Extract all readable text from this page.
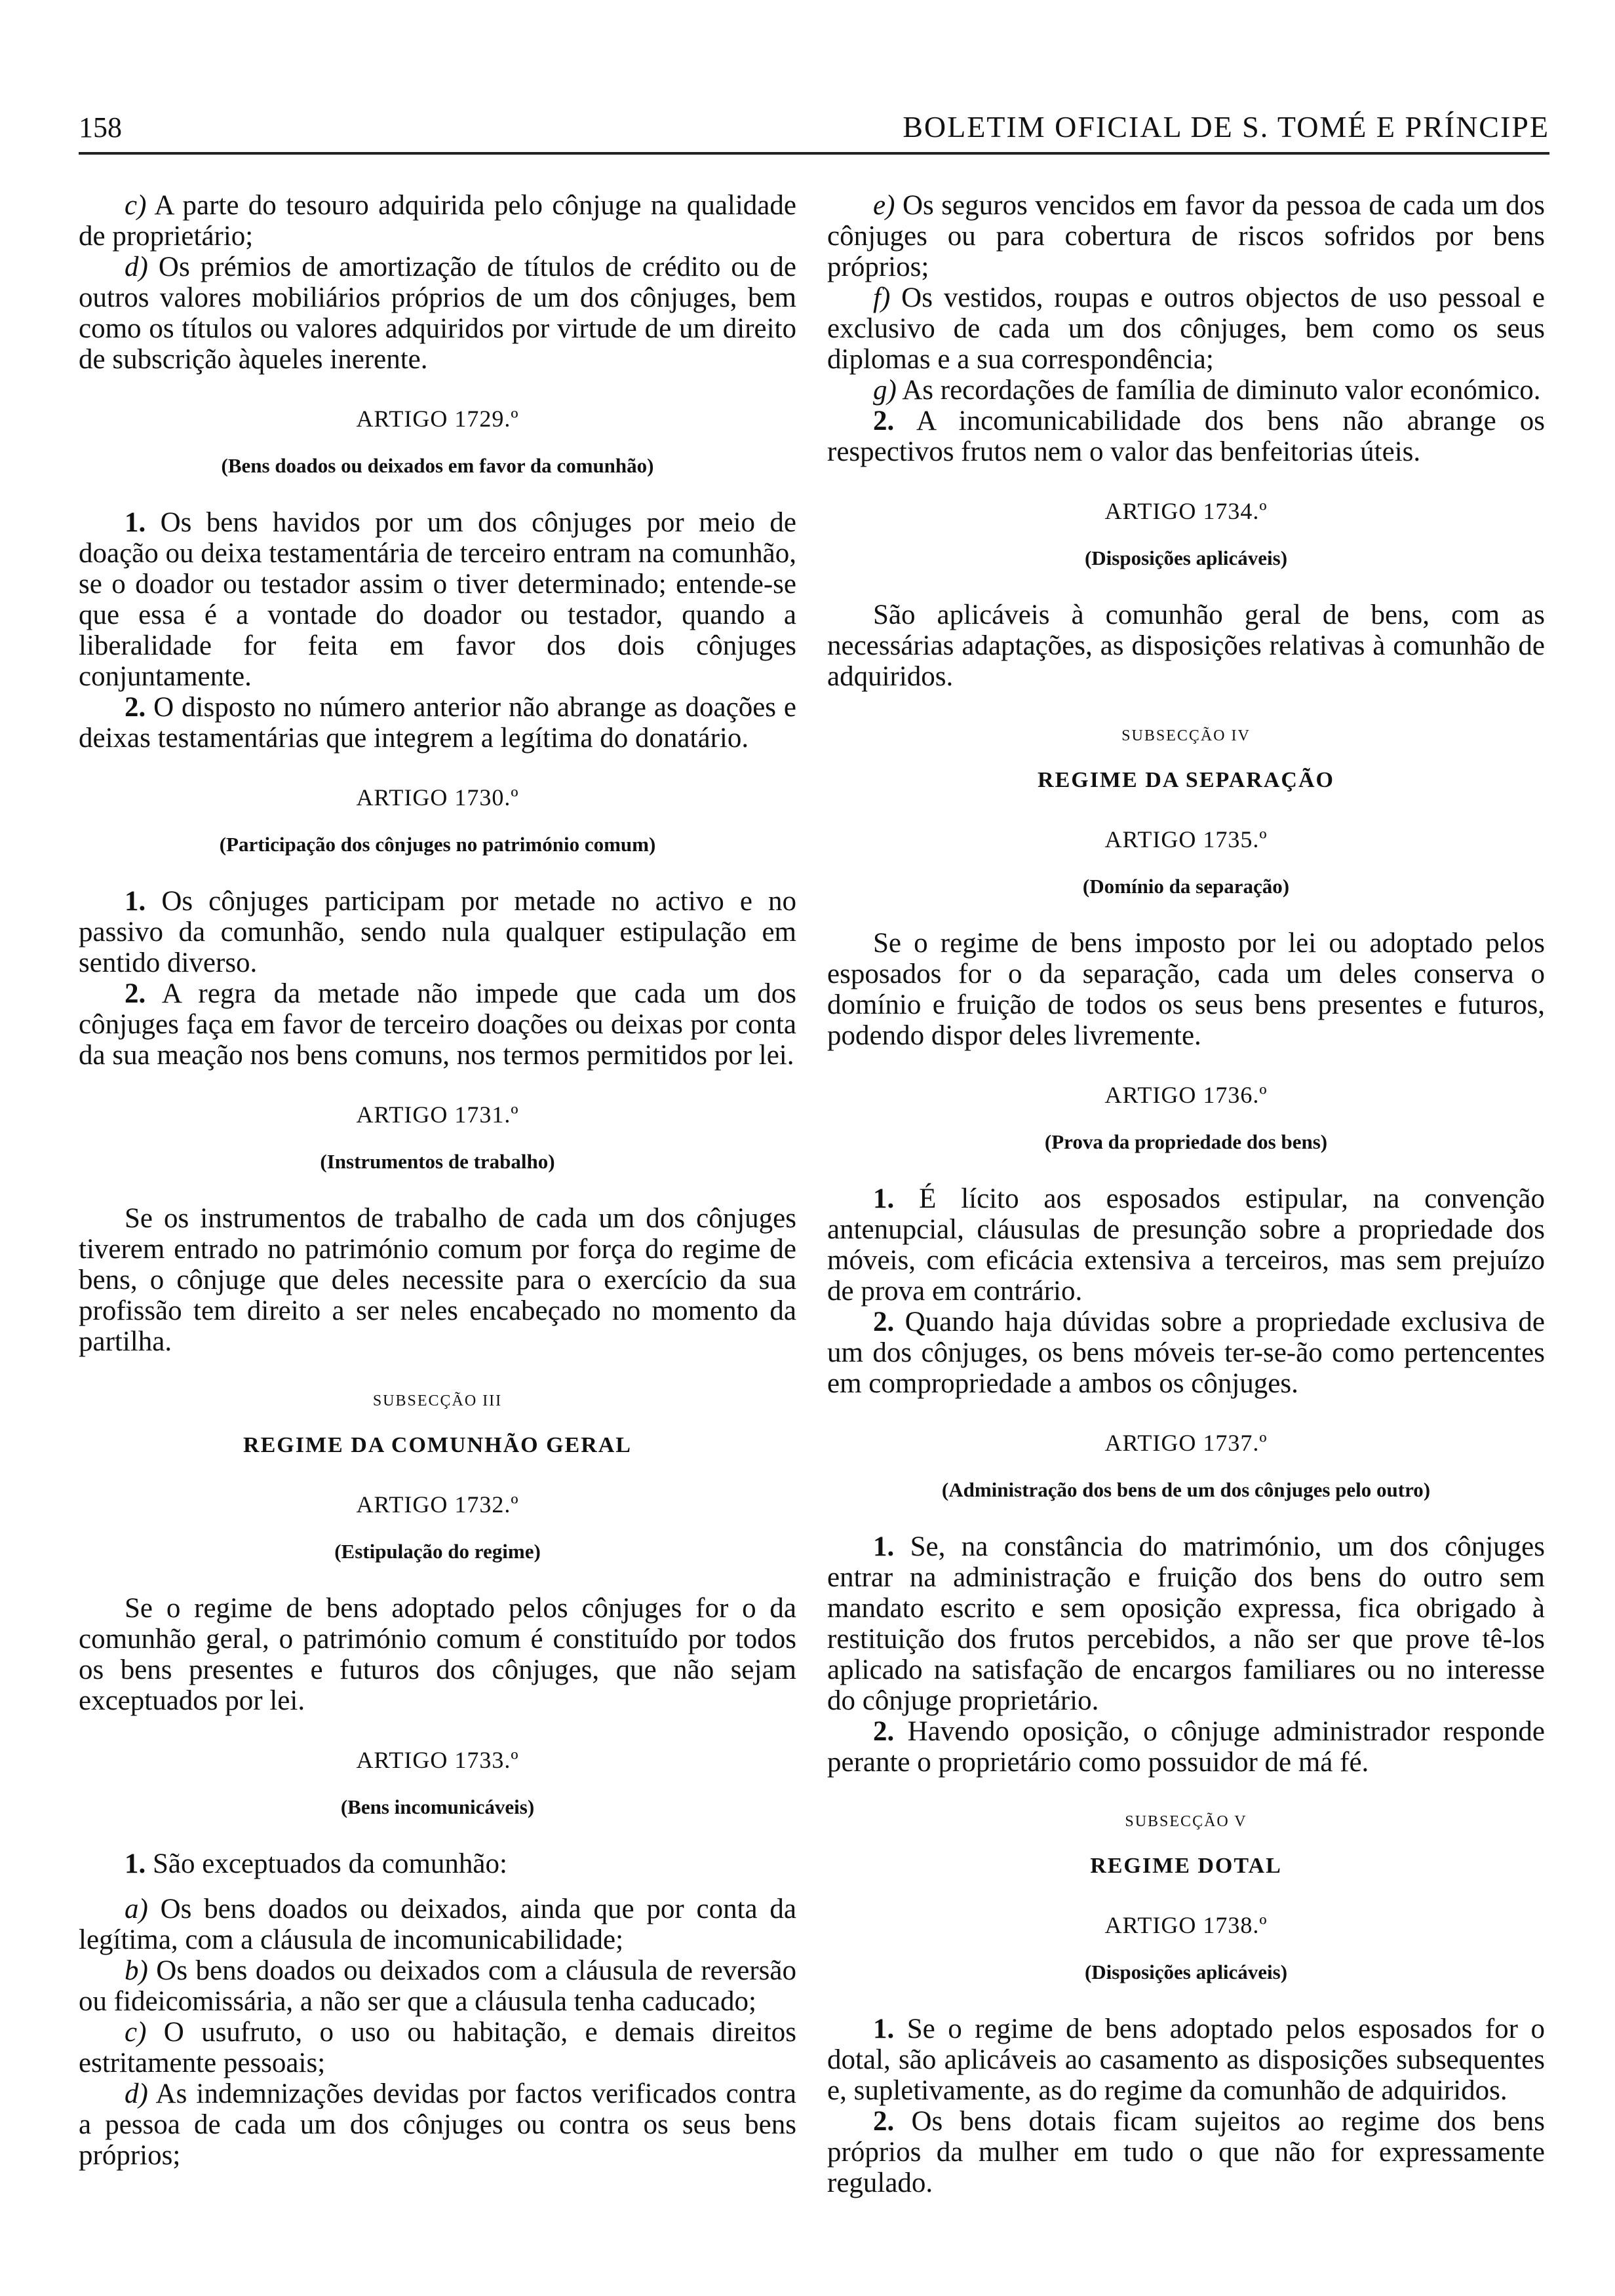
158	BOLETIM OFICIAL DE S. TOMÉ E PRÍNCIPE

c) A parte do tesouro adquirida pelo cônjuge na qualidade de proprietário;

d) Os prémios de amortização de títulos de crédito ou de outros valores mobiliários próprios de um dos cônjuges, bem como os títulos ou valores adquiridos por virtude de um direito de subscrição àqueles inerente.

ARTIGO 1729.º
(Bens doados ou deixados em favor da comunhão)

1. Os bens havidos por um dos cônjuges por meio de doação ou deixa testamentária de terceiro entram na comunhão, se o doador ou testador assim o tiver determinado; entende-se que essa é a vontade do doador ou testador, quando a liberalidade for feita em favor dos dois cônjuges conjuntamente.

2. O disposto no número anterior não abrange as doações e deixas testamentárias que integrem a legítima do donatário.

ARTIGO 1730.º
(Participação dos cônjuges no património comum)

1. Os cônjuges participam por metade no activo e no passivo da comunhão, sendo nula qualquer estipulação em sentido diverso.

2. A regra da metade não impede que cada um dos cônjuges faça em favor de terceiro doações ou deixas por conta da sua meação nos bens comuns, nos termos permitidos por lei.

ARTIGO 1731.º
(Instrumentos de trabalho)

Se os instrumentos de trabalho de cada um dos cônjuges tiverem entrado no património comum por força do regime de bens, o cônjuge que deles necessite para o exercício da sua profissão tem direito a ser neles encabeçado no momento da partilha.

SUBSECÇÃO III
REGIME DA COMUNHÃO GERAL
ARTIGO 1732.º
(Estipulação do regime)

Se o regime de bens adoptado pelos cônjuges for o da comunhão geral, o património comum é constituído por todos os bens presentes e futuros dos cônjuges, que não sejam exceptuados por lei.

ARTIGO 1733.º
(Bens incomunicáveis)

1. São exceptuados da comunhão:

a) Os bens doados ou deixados, ainda que por conta da legítima, com a cláusula de incomunicabilidade;

b) Os bens doados ou deixados com a cláusula de reversão ou fideicomissária, a não ser que a cláusula tenha caducado;

c) O usufruto, o uso ou habitação, e demais direitos estritamente pessoais;

d) As indemnizações devidas por factos verificados contra a pessoa de cada um dos cônjuges ou contra os seus bens próprios;

e) Os seguros vencidos em favor da pessoa de cada um dos cônjuges ou para cobertura de riscos sofridos por bens próprios;

f) Os vestidos, roupas e outros objectos de uso pessoal e exclusivo de cada um dos cônjuges, bem como os seus diplomas e a sua correspondência;

g) As recordações de família de diminuto valor económico.

2. A incomunicabilidade dos bens não abrange os respectivos frutos nem o valor das benfeitorias úteis.

ARTIGO 1734.º
(Disposições aplicáveis)

São aplicáveis à comunhão geral de bens, com as necessárias adaptações, as disposições relativas à comunhão de adquiridos.

SUBSECÇÃO IV
REGIME DA SEPARAÇÃO
ARTIGO 1735.º
(Domínio da separação)

Se o regime de bens imposto por lei ou adoptado pelos esposados for o da separação, cada um deles conserva o domínio e fruição de todos os seus bens presentes e futuros, podendo dispor deles livremente.

ARTIGO 1736.º
(Prova da propriedade dos bens)

1. É lícito aos esposados estipular, na convenção antenupcial, cláusulas de presunção sobre a propriedade dos móveis, com eficácia extensiva a terceiros, mas sem prejuízo de prova em contrário.

2. Quando haja dúvidas sobre a propriedade exclusiva de um dos cônjuges, os bens móveis ter-se-ão como pertencentes em compropriedade a ambos os cônjuges.

ARTIGO 1737.º
(Administração dos bens de um dos cônjuges pelo outro)

1. Se, na constância do matrimónio, um dos cônjuges entrar na administração e fruição dos bens do outro sem mandato escrito e sem oposição expressa, fica obrigado à restituição dos frutos percebidos, a não ser que prove tê-los aplicado na satisfação de encargos familiares ou no interesse do cônjuge proprietário.

2. Havendo oposição, o cônjuge administrador responde perante o proprietário como possuidor de má fé.

SUBSECÇÃO V
REGIME DOTAL
ARTIGO 1738.º
(Disposições aplicáveis)

1. Se o regime de bens adoptado pelos esposados for o dotal, são aplicáveis ao casamento as disposições subsequentes e, supletivamente, as do regime da comunhão de adquiridos.

2. Os bens dotais ficam sujeitos ao regime dos bens próprios da mulher em tudo o que não for expressamente regulado.
